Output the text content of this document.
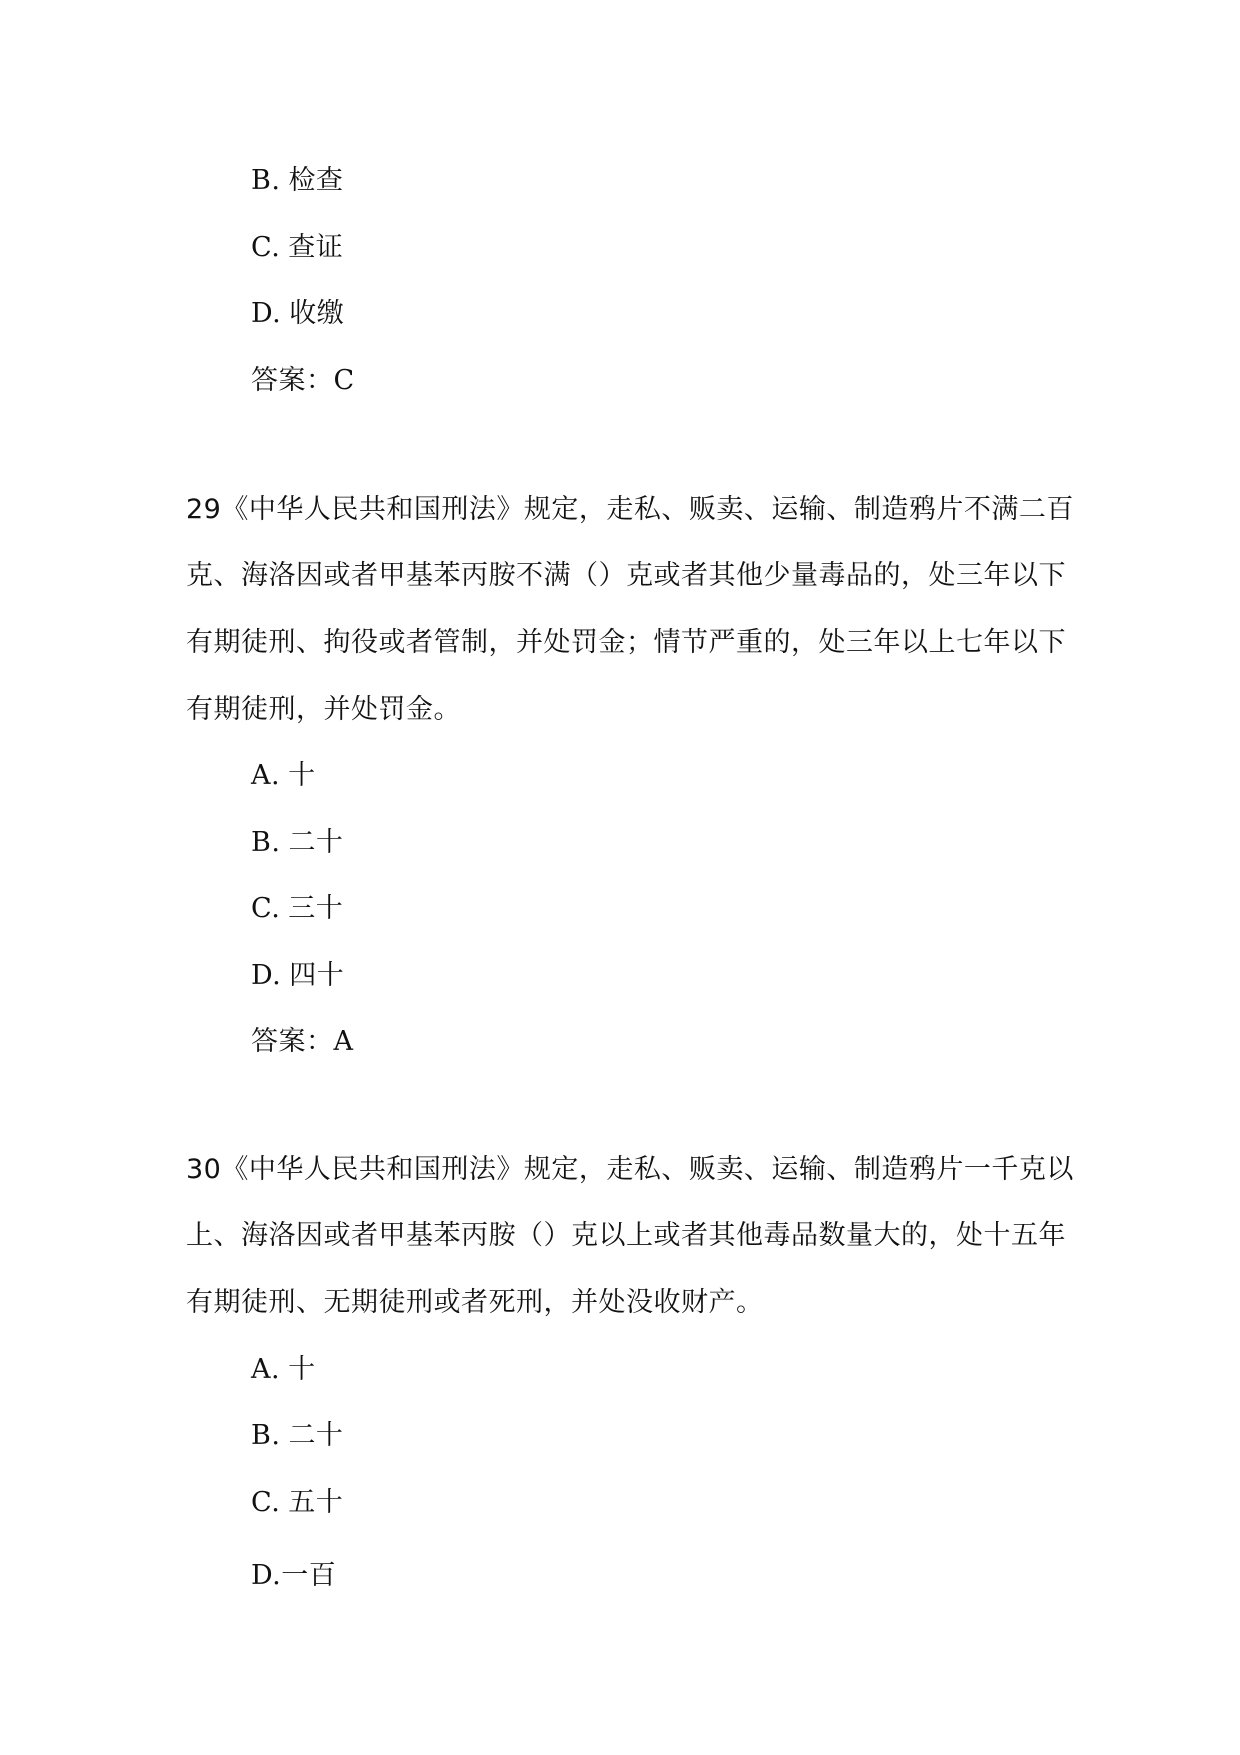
B. 检查
C. 查证
D. 收缴
答案：C
29《中华人民共和国刑法》规定，走私、贩卖、运输、制造鸦片不满二百
克、海洛因或者甲基苯丙胺不满（）克或者其他少量毒品的，处三年以下
有期徒刑、拘役或者管制，并处罚金；情节严重的，处三年以上七年以下
有期徒刑，并处罚金。
A. 十
B. 二十
C. 三十
D. 四十
答案：A
30《中华人民共和国刑法》规定，走私、贩卖、运输、制造鸦片一千克以
上、海洛因或者甲基苯丙胺（）克以上或者其他毒品数量大的，处十五年
有期徒刑、无期徒刑或者死刑，并处没收财产。
A. 十
B. 二十
C. 五十
D.一百
